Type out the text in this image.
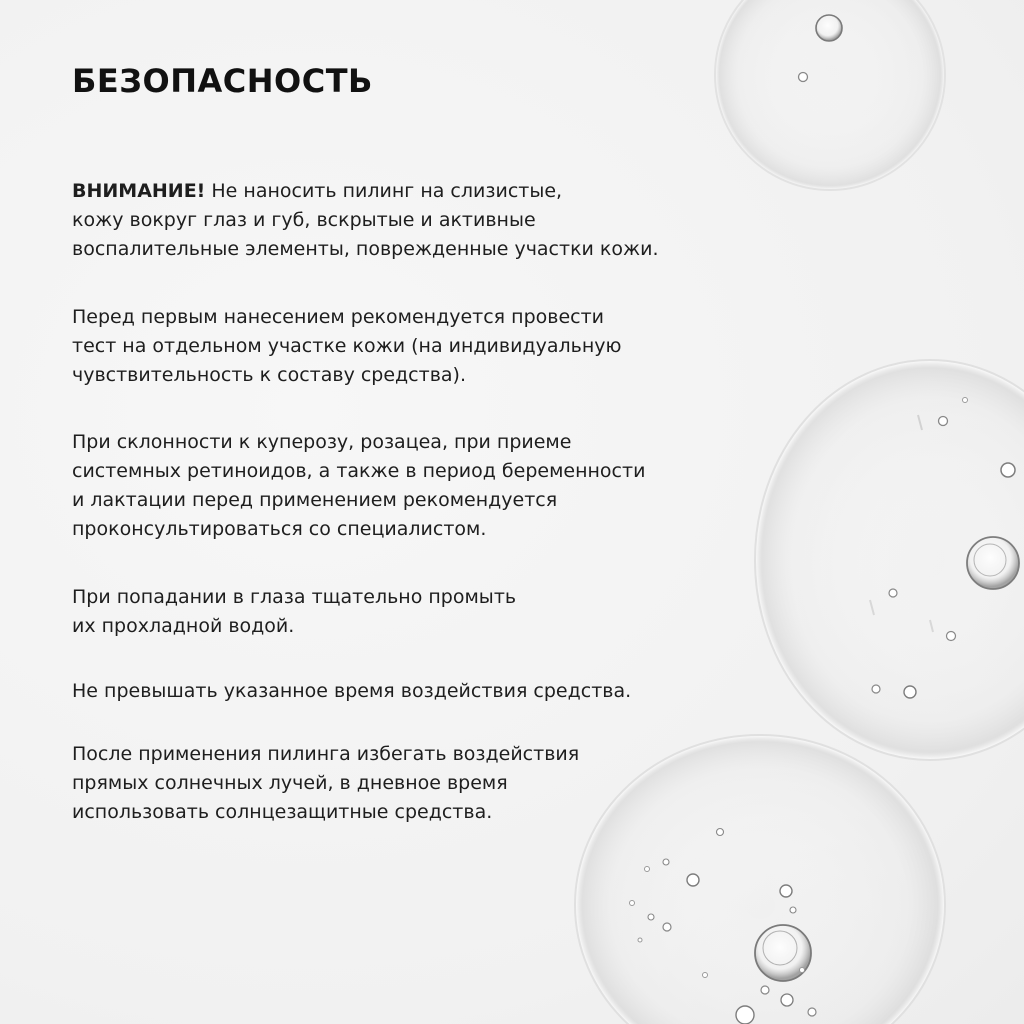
БЕЗОПАСНОСТЬ

ВНИМАНИЕ! Не наносить пилинг на слизистые,
кожу вокруг глаз и губ, вскрытые и активные
воспалительные элементы, поврежденные участки кожи.

Перед первым нанесением рекомендуется провести
тест на отдельном участке кожи (на индивидуальную
чувствительность к составу средства).

При склонности к куперозу, розацеа, при приеме
системных ретиноидов, а также в период беременности
и лактации перед применением рекомендуется
проконсультироваться со специалистом.

При попадании в глаза тщательно промыть
их прохладной водой.

Не превышать указанное время воздействия средства.

После применения пилинга избегать воздействия
прямых солнечных лучей, в дневное время
использовать солнцезащитные средства.
